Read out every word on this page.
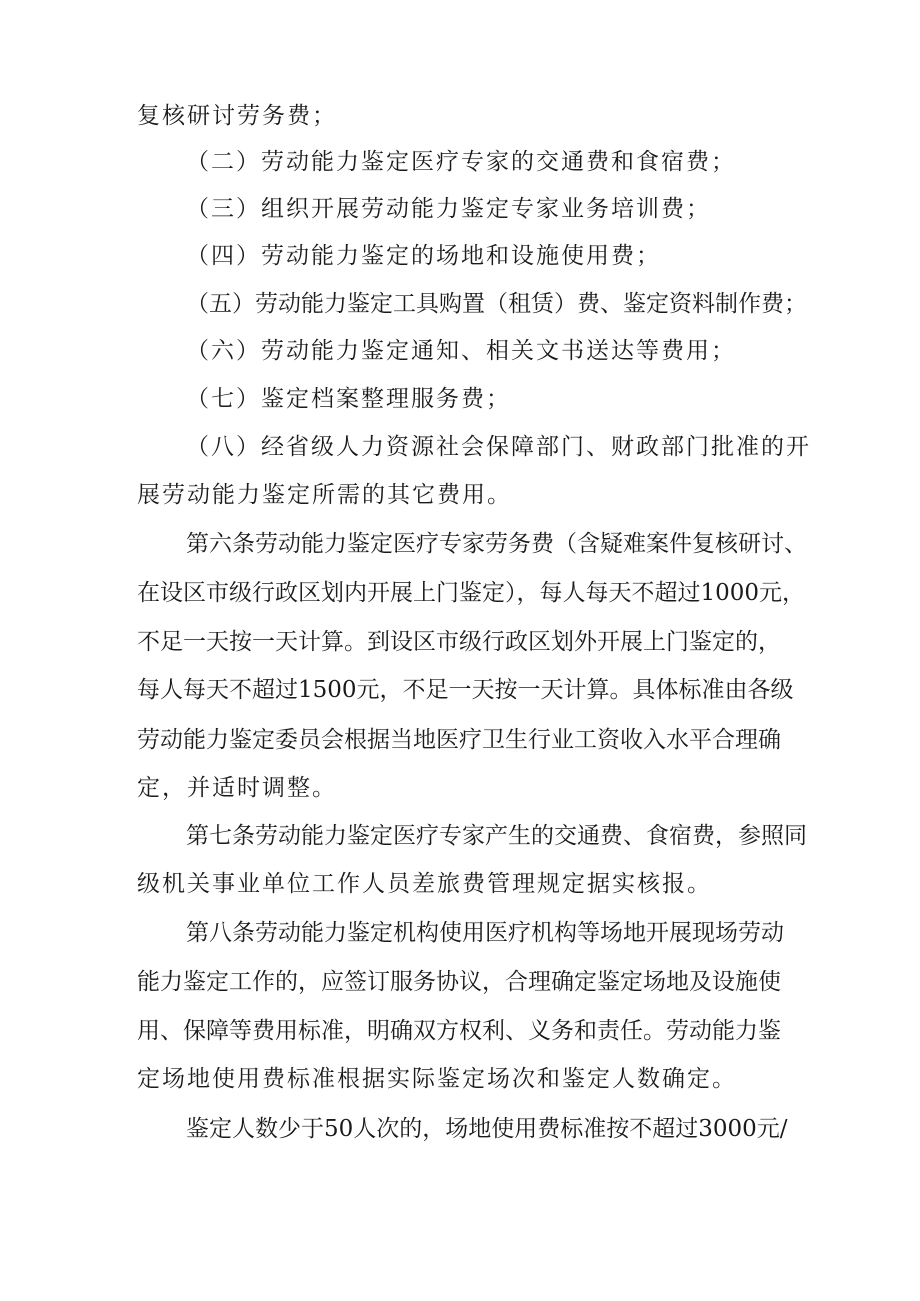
复核研讨劳务费；
（二）劳动能力鉴定医疗专家的交通费和食宿费；
（三）组织开展劳动能力鉴定专家业务培训费；
（四）劳动能力鉴定的场地和设施使用费；
（五）劳动能力鉴定工具购置（租赁）费、鉴定资料制作费；
（六）劳动能力鉴定通知、相关文书送达等费用；
（七）鉴定档案整理服务费；
（八）经省级人力资源社会保障部门、财政部门批准的开
展劳动能力鉴定所需的其它费用。
第六条劳动能力鉴定医疗专家劳务费（含疑难案件复核研讨、
在设区市级行政区划内开展上门鉴定），每人每天不超过1000元，
不足一天按一天计算。到设区市级行政区划外开展上门鉴定的，
每人每天不超过1500元，不足一天按一天计算。具体标准由各级
劳动能力鉴定委员会根据当地医疗卫生行业工资收入水平合理确
定，并适时调整。
第七条劳动能力鉴定医疗专家产生的交通费、食宿费，参照同
级机关事业单位工作人员差旅费管理规定据实核报。
第八条劳动能力鉴定机构使用医疗机构等场地开展现场劳动
能力鉴定工作的，应签订服务协议，合理确定鉴定场地及设施使
用、保障等费用标准，明确双方权利、义务和责任。劳动能力鉴
定场地使用费标准根据实际鉴定场次和鉴定人数确定。
鉴定人数少于50人次的，场地使用费标准按不超过3000元/
